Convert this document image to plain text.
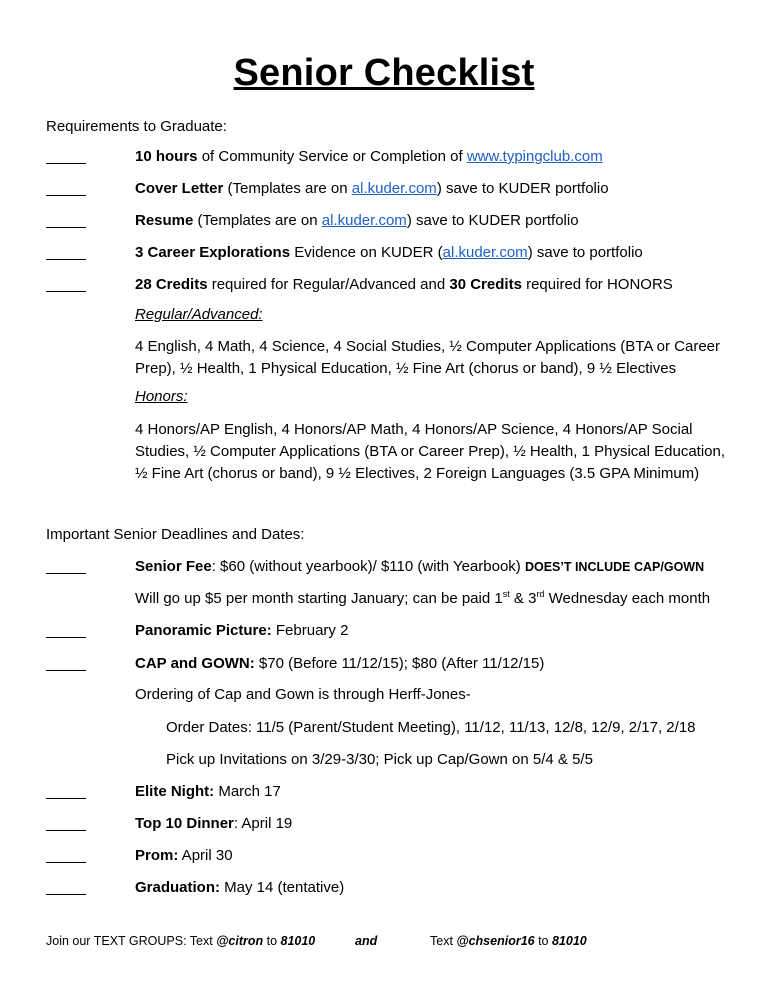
Senior Checklist
Requirements to Graduate:
10 hours of Community Service or Completion of www.typingclub.com
Cover Letter (Templates are on al.kuder.com) save to KUDER portfolio
Resume (Templates are on al.kuder.com) save to KUDER portfolio
3 Career Explorations Evidence on KUDER (al.kuder.com) save to portfolio
28 Credits required for Regular/Advanced and 30 Credits required for HONORS
Regular/Advanced:
4 English, 4 Math, 4 Science, 4 Social Studies, ½ Computer Applications (BTA or Career
Prep), ½ Health, 1 Physical Education, ½ Fine Art (chorus or band), 9 ½ Electives
Honors:
4 Honors/AP English, 4 Honors/AP Math, 4 Honors/AP Science, 4 Honors/AP Social
Studies, ½ Computer Applications (BTA or Career Prep), ½ Health, 1 Physical Education,
½ Fine Art (chorus or band), 9 ½ Electives, 2 Foreign Languages (3.5 GPA Minimum)
Important Senior Deadlines and Dates:
Senior Fee: $60 (without yearbook)/ $110 (with Yearbook) DOES’T INCLUDE CAP/GOWN
Will go up $5 per month starting January; can be paid 1st & 3rd Wednesday each month
Panoramic Picture: February 2
CAP and GOWN: $70 (Before 11/12/15); $80 (After 11/12/15)
Ordering of Cap and Gown is through Herff-Jones-
Order Dates: 11/5 (Parent/Student Meeting), 11/12, 11/13, 12/8, 12/9, 2/17, 2/18
Pick up Invitations on 3/29-3/30; Pick up Cap/Gown on 5/4 & 5/5
Elite Night: March 17
Top 10 Dinner: April 19
Prom: April 30
Graduation: May 14 (tentative)
Join our TEXT GROUPS: Text @citron to 81010	and	Text @chsenior16 to 81010
